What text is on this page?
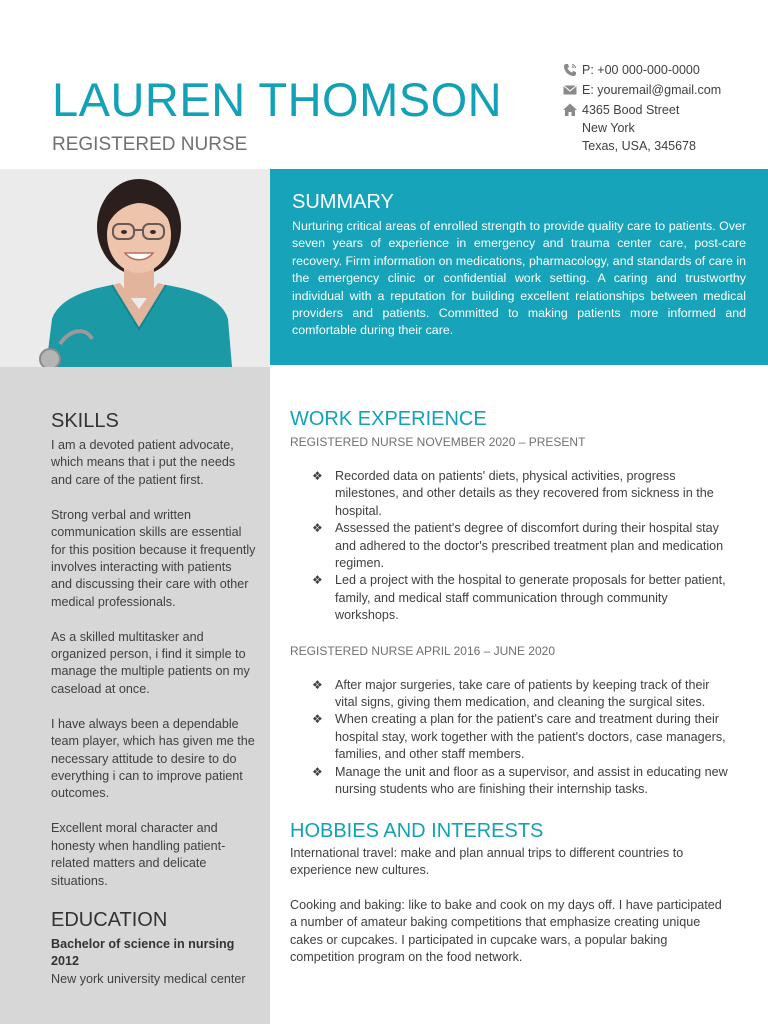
LAUREN THOMSON
REGISTERED NURSE
P: +00 000-000-0000
E: youremail@gmail.com
4365 Bood Street
New York
Texas, USA, 345678
SUMMARY

Nurturing critical areas of enrolled strength to provide quality care to patients. Over seven years of experience in emergency and trauma center care, post-care recovery. Firm information on medications, pharmacology, and standards of care in the emergency clinic or confidential work setting. A caring and trustworthy individual with a reputation for building excellent relationships between medical providers and patients. Committed to making patients more informed and comfortable during their care.

SKILLS

I am a devoted patient advocate, which means that i put the needs and care of the patient first.

Strong verbal and written communication skills are essential for this position because it frequently involves interacting with patients and discussing their care with other medical professionals.

As a skilled multitasker and organized person, i find it simple to manage the multiple patients on my caseload at once.

I have always been a dependable team player, which has given me the necessary attitude to desire to do everything i can to improve patient outcomes.

Excellent moral character and honesty when handling patient-related matters and delicate situations.

EDUCATION
Bachelor of science in nursing 2012
New york university medical center
WORK EXPERIENCE
REGISTERED NURSE NOVEMBER 2020 – PRESENT
❖ Recorded data on patients' diets, physical activities, progress milestones, and other details as they recovered from sickness in the hospital.
❖ Assessed the patient's degree of discomfort during their hospital stay and adhered to the doctor's prescribed treatment plan and medication regimen.
❖ Led a project with the hospital to generate proposals for better patient, family, and medical staff communication through community workshops.
REGISTERED NURSE APRIL 2016 – JUNE 2020
❖ After major surgeries, take care of patients by keeping track of their vital signs, giving them medication, and cleaning the surgical sites.
❖ When creating a plan for the patient's care and treatment during their hospital stay, work together with the patient's doctors, case managers, families, and other staff members.
❖ Manage the unit and floor as a supervisor, and assist in educating new nursing students who are finishing their internship tasks.
HOBBIES AND INTERESTS

International travel: make and plan annual trips to different countries to experience new cultures.

Cooking and baking: like to bake and cook on my days off. I have participated a number of amateur baking competitions that emphasize creating unique cakes or cupcakes. I participated in cupcake wars, a popular baking competition program on the food network.
